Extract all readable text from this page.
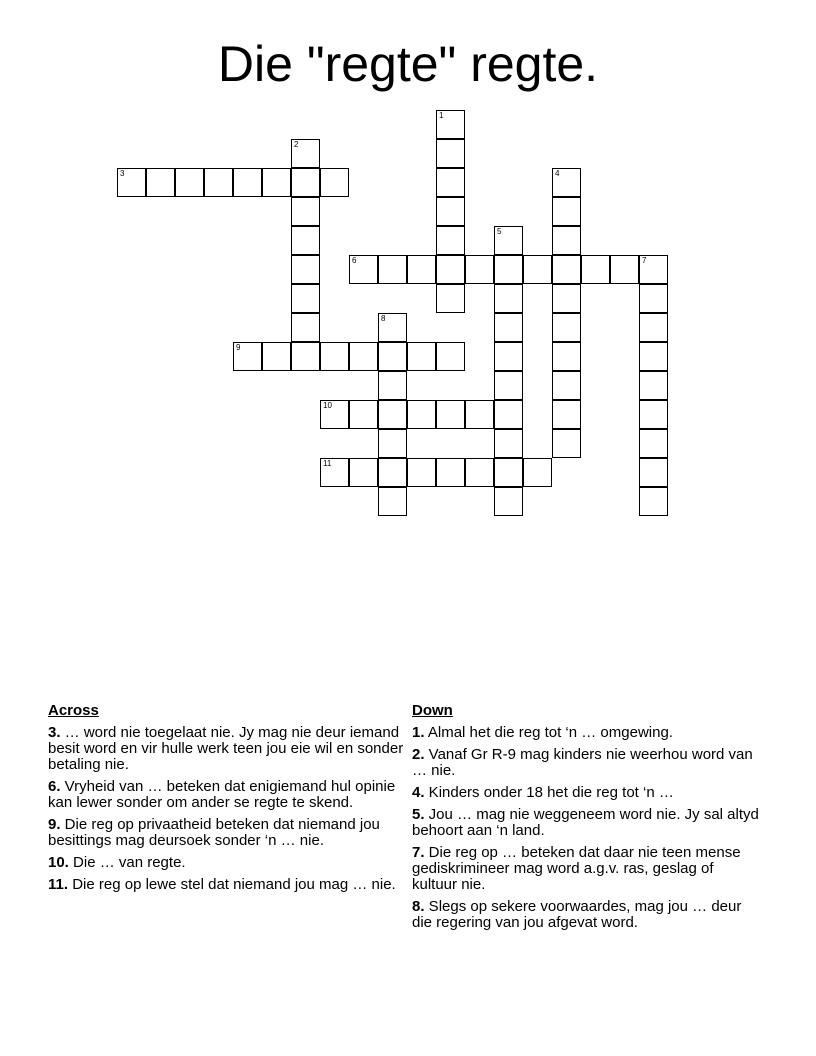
Die "regte" regte.
1
2
3	4
5
6	7
8
9
10
11
Across
3. … word nie toegelaat nie. Jy mag nie deur iemand besit word en vir hulle werk teen jou eie wil en sonder betaling nie.
6. Vryheid van … beteken dat enigiemand hul opinie kan lewer sonder om ander se regte te skend.
9. Die reg op privaatheid beteken dat niemand jou besittings mag deursoek sonder ‘n … nie.
10. Die … van regte.
11. Die reg op lewe stel dat niemand jou mag … nie.
Down
1. Almal het die reg tot ‘n … omgewing.
2. Vanaf Gr R-9 mag kinders nie weerhou word van … nie.
4. Kinders onder 18 het die reg tot ‘n …
5. Jou … mag nie weggeneem word nie. Jy sal altyd behoort aan ‘n land.
7. Die reg op … beteken dat daar nie teen mense gediskrimineer mag word a.g.v. ras, geslag of kultuur nie.
8. Slegs op sekere voorwaardes, mag jou … deur die regering van jou afgevat word.
